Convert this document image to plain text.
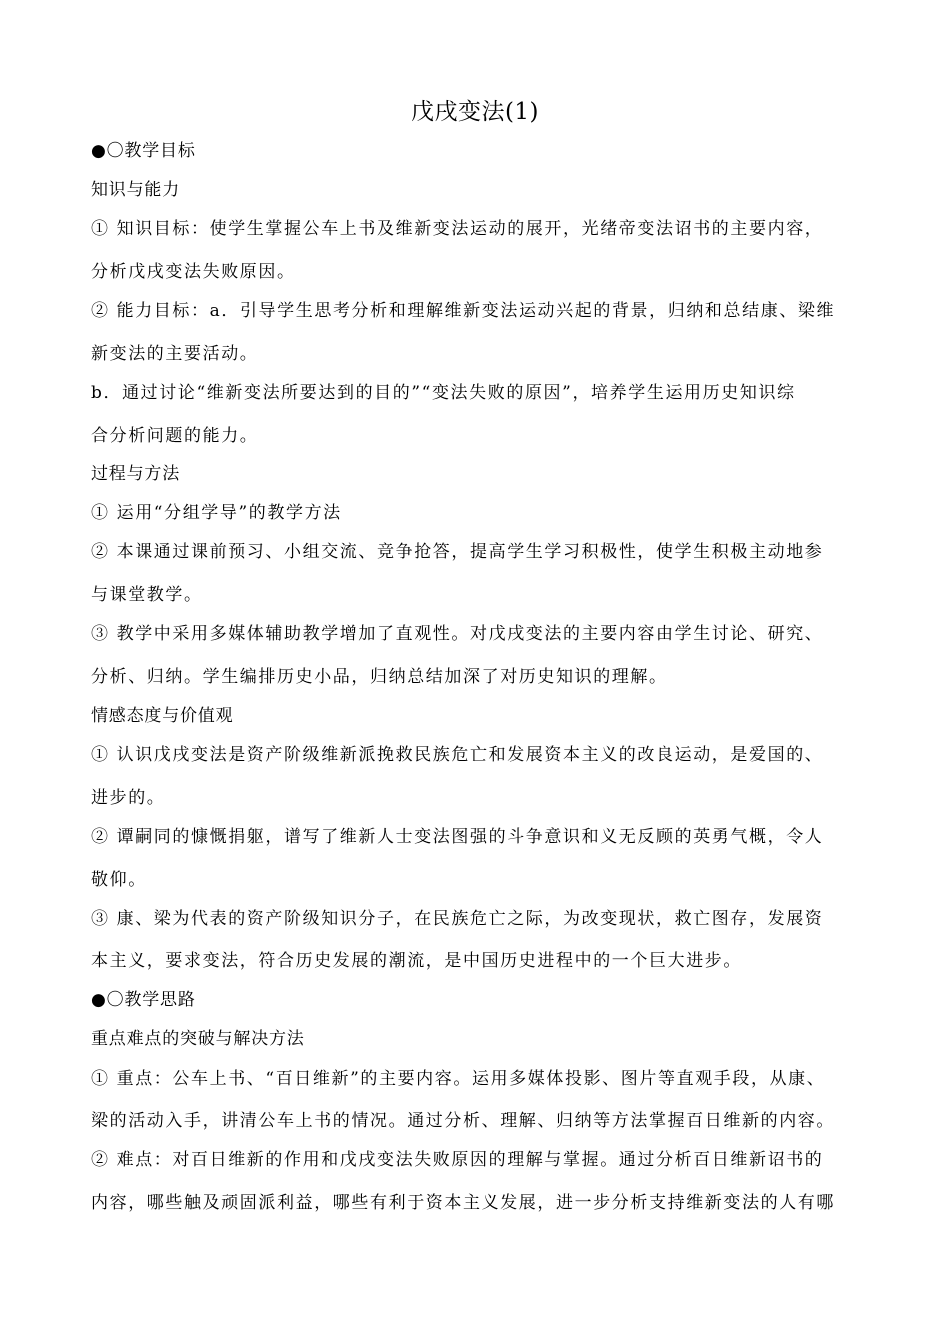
戊戌变法(1)
●〇教学目标
知识与能力
① 知识目标：使学生掌握公车上书及维新变法运动的展开，光绪帝变法诏书的主要内容，
分析戊戌变法失败原因。
② 能力目标：a．引导学生思考分析和理解维新变法运动兴起的背景，归纳和总结康、梁维
新变法的主要活动。
b．通过讨论“维新变法所要达到的目的”“变法失败的原因”，培养学生运用历史知识综
合分析问题的能力。
过程与方法
① 运用“分组学导”的教学方法
② 本课通过课前预习、小组交流、竞争抢答，提高学生学习积极性，使学生积极主动地参
与课堂教学。
③ 教学中采用多媒体辅助教学增加了直观性。对戊戌变法的主要内容由学生讨论、研究、
分析、归纳。学生编排历史小品，归纳总结加深了对历史知识的理解。
情感态度与价值观
① 认识戊戌变法是资产阶级维新派挽救民族危亡和发展资本主义的改良运动，是爱国的、
进步的。
② 谭嗣同的慷慨捐躯，谱写了维新人士变法图强的斗争意识和义无反顾的英勇气概，令人
敬仰。
③ 康、梁为代表的资产阶级知识分子，在民族危亡之际，为改变现状，救亡图存，发展资
本主义，要求变法，符合历史发展的潮流，是中国历史进程中的一个巨大进步。
●〇教学思路
重点难点的突破与解决方法
① 重点：公车上书、“百日维新”的主要内容。运用多媒体投影、图片等直观手段，从康、
梁的活动入手，讲清公车上书的情况。通过分析、理解、归纳等方法掌握百日维新的内容。
② 难点：对百日维新的作用和戊戌变法失败原因的理解与掌握。通过分析百日维新诏书的
内容，哪些触及顽固派利益，哪些有利于资本主义发展，进一步分析支持维新变法的人有哪
